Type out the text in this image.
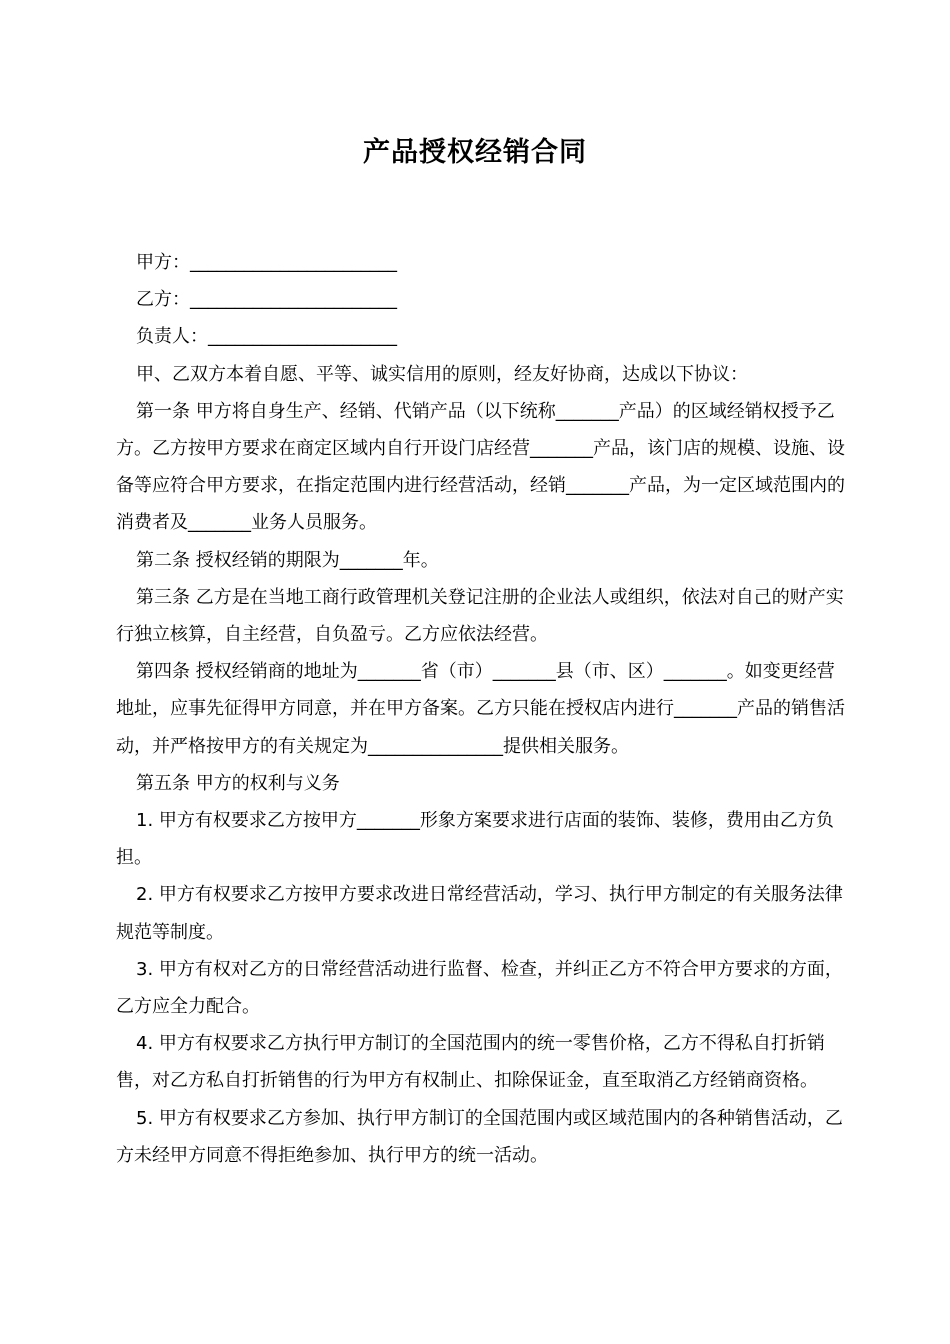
产品授权经销合同

甲方：_______________________

乙方：_______________________

负责人：_____________________

甲、乙双方本着自愿、平等、诚实信用的原则，经友好协商，达成以下协议：

第一条 甲方将自身生产、经销、代销产品（以下统称_______产品）的区域经销权授予乙方。乙方按甲方要求在商定区域内自行开设门店经营_______产品，该门店的规模、设施、设备等应符合甲方要求，在指定范围内进行经营活动，经销_______产品，为一定区域范围内的消费者及_______业务人员服务。

第二条 授权经销的期限为_______年。

第三条 乙方是在当地工商行政管理机关登记注册的企业法人或组织，依法对自己的财产实行独立核算，自主经营，自负盈亏。乙方应依法经营。

第四条 授权经销商的地址为_______省（市）_______县（市、区）_______。如变更经营地址，应事先征得甲方同意，并在甲方备案。乙方只能在授权店内进行_______产品的销售活动，并严格按甲方的有关规定为_______________提供相关服务。

第五条 甲方的权利与义务

1. 甲方有权要求乙方按甲方_______形象方案要求进行店面的装饰、装修，费用由乙方负担。

2. 甲方有权要求乙方按甲方要求改进日常经营活动，学习、执行甲方制定的有关服务法律规范等制度。

3. 甲方有权对乙方的日常经营活动进行监督、检查，并纠正乙方不符合甲方要求的方面，乙方应全力配合。

4. 甲方有权要求乙方执行甲方制订的全国范围内的统一零售价格，乙方不得私自打折销售，对乙方私自打折销售的行为甲方有权制止、扣除保证金，直至取消乙方经销商资格。

5. 甲方有权要求乙方参加、执行甲方制订的全国范围内或区域范围内的各种销售活动，乙方未经甲方同意不得拒绝参加、执行甲方的统一活动。
